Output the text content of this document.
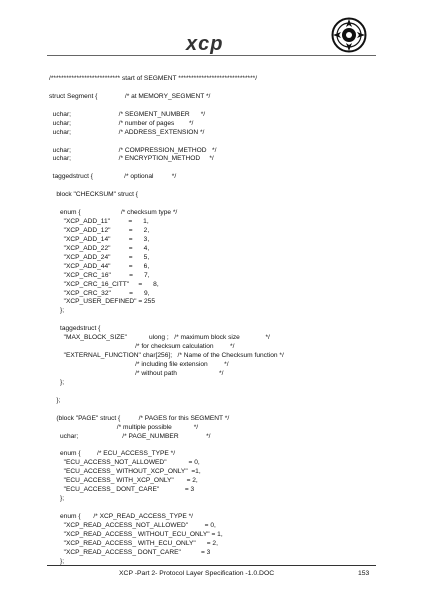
xcp
/*************************** start of SEGMENT ******************************/
struct Segment {               /* at MEMORY_SEGMENT */
uchar;                          /* SEGMENT_NUMBER      */
uchar;                          /* number of pages        */
uchar;                          /* ADDRESS_EXTENSION */
uchar;                          /* COMPRESSION_METHOD   */
uchar;                          /* ENCRYPTION_METHOD     */
taggedstruct {                 /* optional          */
block "CHECKSUM" struct {
enum {                      /* checksum type */
"XCP_ADD_11"          =      1,
"XCP_ADD_12"          =      2,
"XCP_ADD_14"          =      3,
"XCP_ADD_22"          =      4,
"XCP_ADD_24"          =      5,
"XCP_ADD_44"          =      6,
"XCP_CRC_16"          =      7,
"XCP_CRC_16_CITT"     =      8,
"XCP_CRC_32"          =      9,
"XCP_USER_DEFINED" = 255
};
taggedstruct {
"MAX_BLOCK_SIZE"            ulong ;   /* maximum block size              */
/* for checksum calculation         */
"EXTERNAL_FUNCTION" char[256];   /* Name of the Checksum function */
/* including file extension         */
/* without path                       */
};
};
(block "PAGE" struct {          /* PAGES for this SEGMENT */
/* multiple possible            */
uchar;                        /* PAGE_NUMBER               */
enum {         /* ECU_ACCESS_TYPE */
"ECU_ACCESS_NOT_ALLOWED"            = 0,
"ECU_ACCESS_ WITHOUT_XCP_ONLY"  =1,
"ECU_ACCESS_ WITH_XCP_ONLY"       = 2,
"ECU_ACCESS_ DONT_CARE"              = 3
};
enum {       /* XCP_READ_ACCESS_TYPE */
"XCP_READ_ACCESS_NOT_ALLOWED"         = 0,
"XCP_READ_ACCESS_ WITHOUT_ECU_ONLY" = 1,
"XCP_READ_ACCESS_ WITH_ECU_ONLY"      = 2,
"XCP_READ_ACCESS_ DONT_CARE"           = 3
};
XCP -Part 2- Protocol Layer Specification -1.0.DOC	153
